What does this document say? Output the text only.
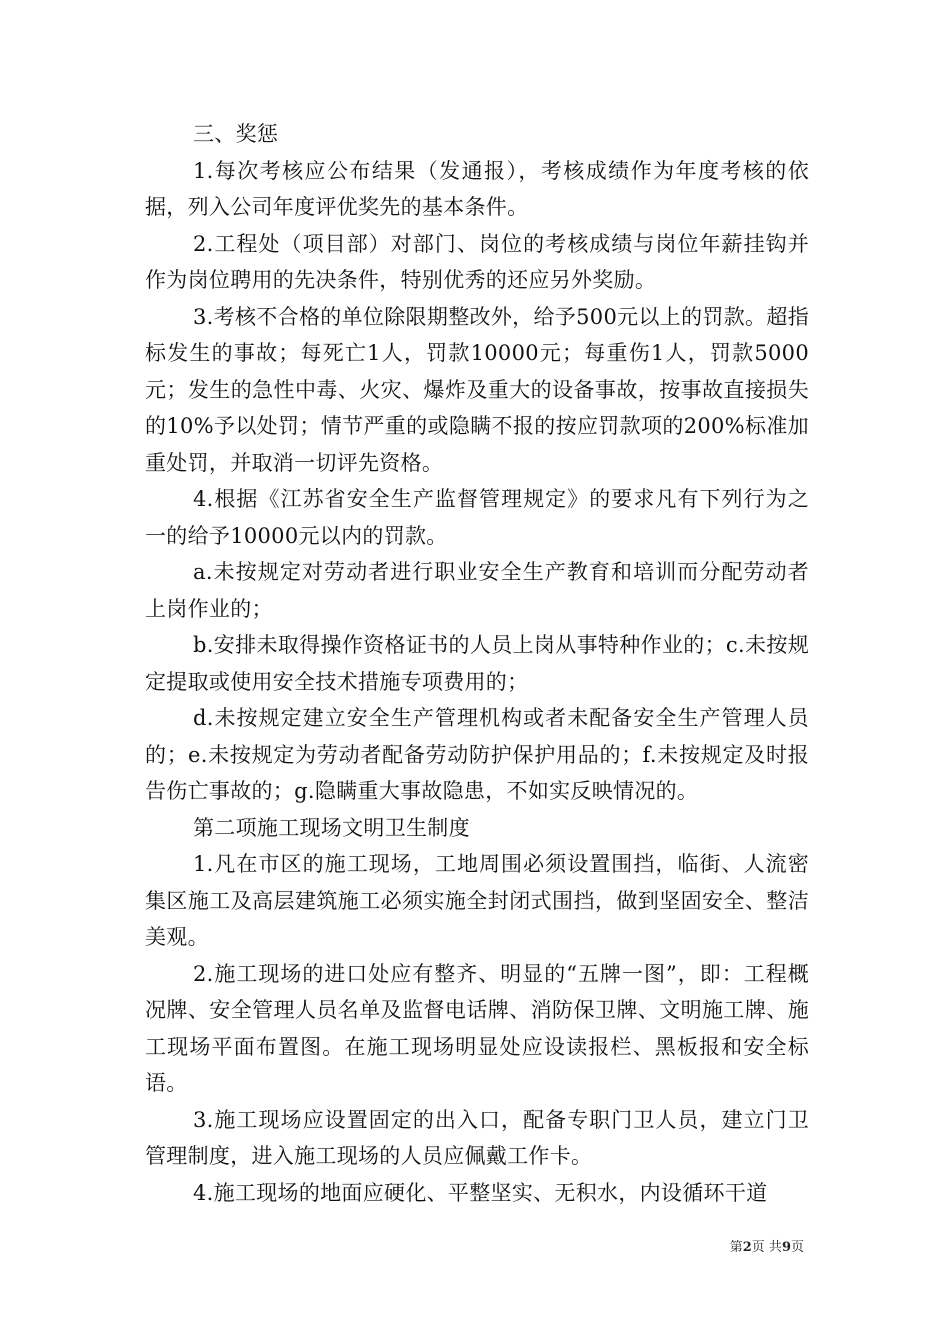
三、奖惩

1.每次考核应公布结果（发通报），考核成绩作为年度考核的依据，列入公司年度评优奖先的基本条件。

2.工程处（项目部）对部门、岗位的考核成绩与岗位年薪挂钩并作为岗位聘用的先决条件，特别优秀的还应另外奖励。

3.考核不合格的单位除限期整改外，给予500元以上的罚款。超指标发生的事故；每死亡1人，罚款10000元；每重伤1人，罚款5000元；发生的急性中毒、火灾、爆炸及重大的设备事故，按事故直接损失的10%予以处罚；情节严重的或隐瞒不报的按应罚款项的200%标准加重处罚，并取消一切评先资格。

4.根据《江苏省安全生产监督管理规定》的要求凡有下列行为之一的给予10000元以内的罚款。

a.未按规定对劳动者进行职业安全生产教育和培训而分配劳动者上岗作业的；

b.安排未取得操作资格证书的人员上岗从事特种作业的；c.未按规定提取或使用安全技术措施专项费用的；

d.未按规定建立安全生产管理机构或者未配备安全生产管理人员的；e.未按规定为劳动者配备劳动防护保护用品的；f.未按规定及时报告伤亡事故的；g.隐瞒重大事故隐患，不如实反映情况的。

第二项施工现场文明卫生制度

1.凡在市区的施工现场，工地周围必须设置围挡，临街、人流密集区施工及高层建筑施工必须实施全封闭式围挡，做到坚固安全、整洁美观。

2.施工现场的进口处应有整齐、明显的“五牌一图”，即：工程概况牌、安全管理人员名单及监督电话牌、消防保卫牌、文明施工牌、施工现场平面布置图。在施工现场明显处应设读报栏、黑板报和安全标语。

3.施工现场应设置固定的出入口，配备专职门卫人员，建立门卫管理制度，进入施工现场的人员应佩戴工作卡。

4.施工现场的地面应硬化、平整坚实、无积水，内设循环干道

第2页 共9页
